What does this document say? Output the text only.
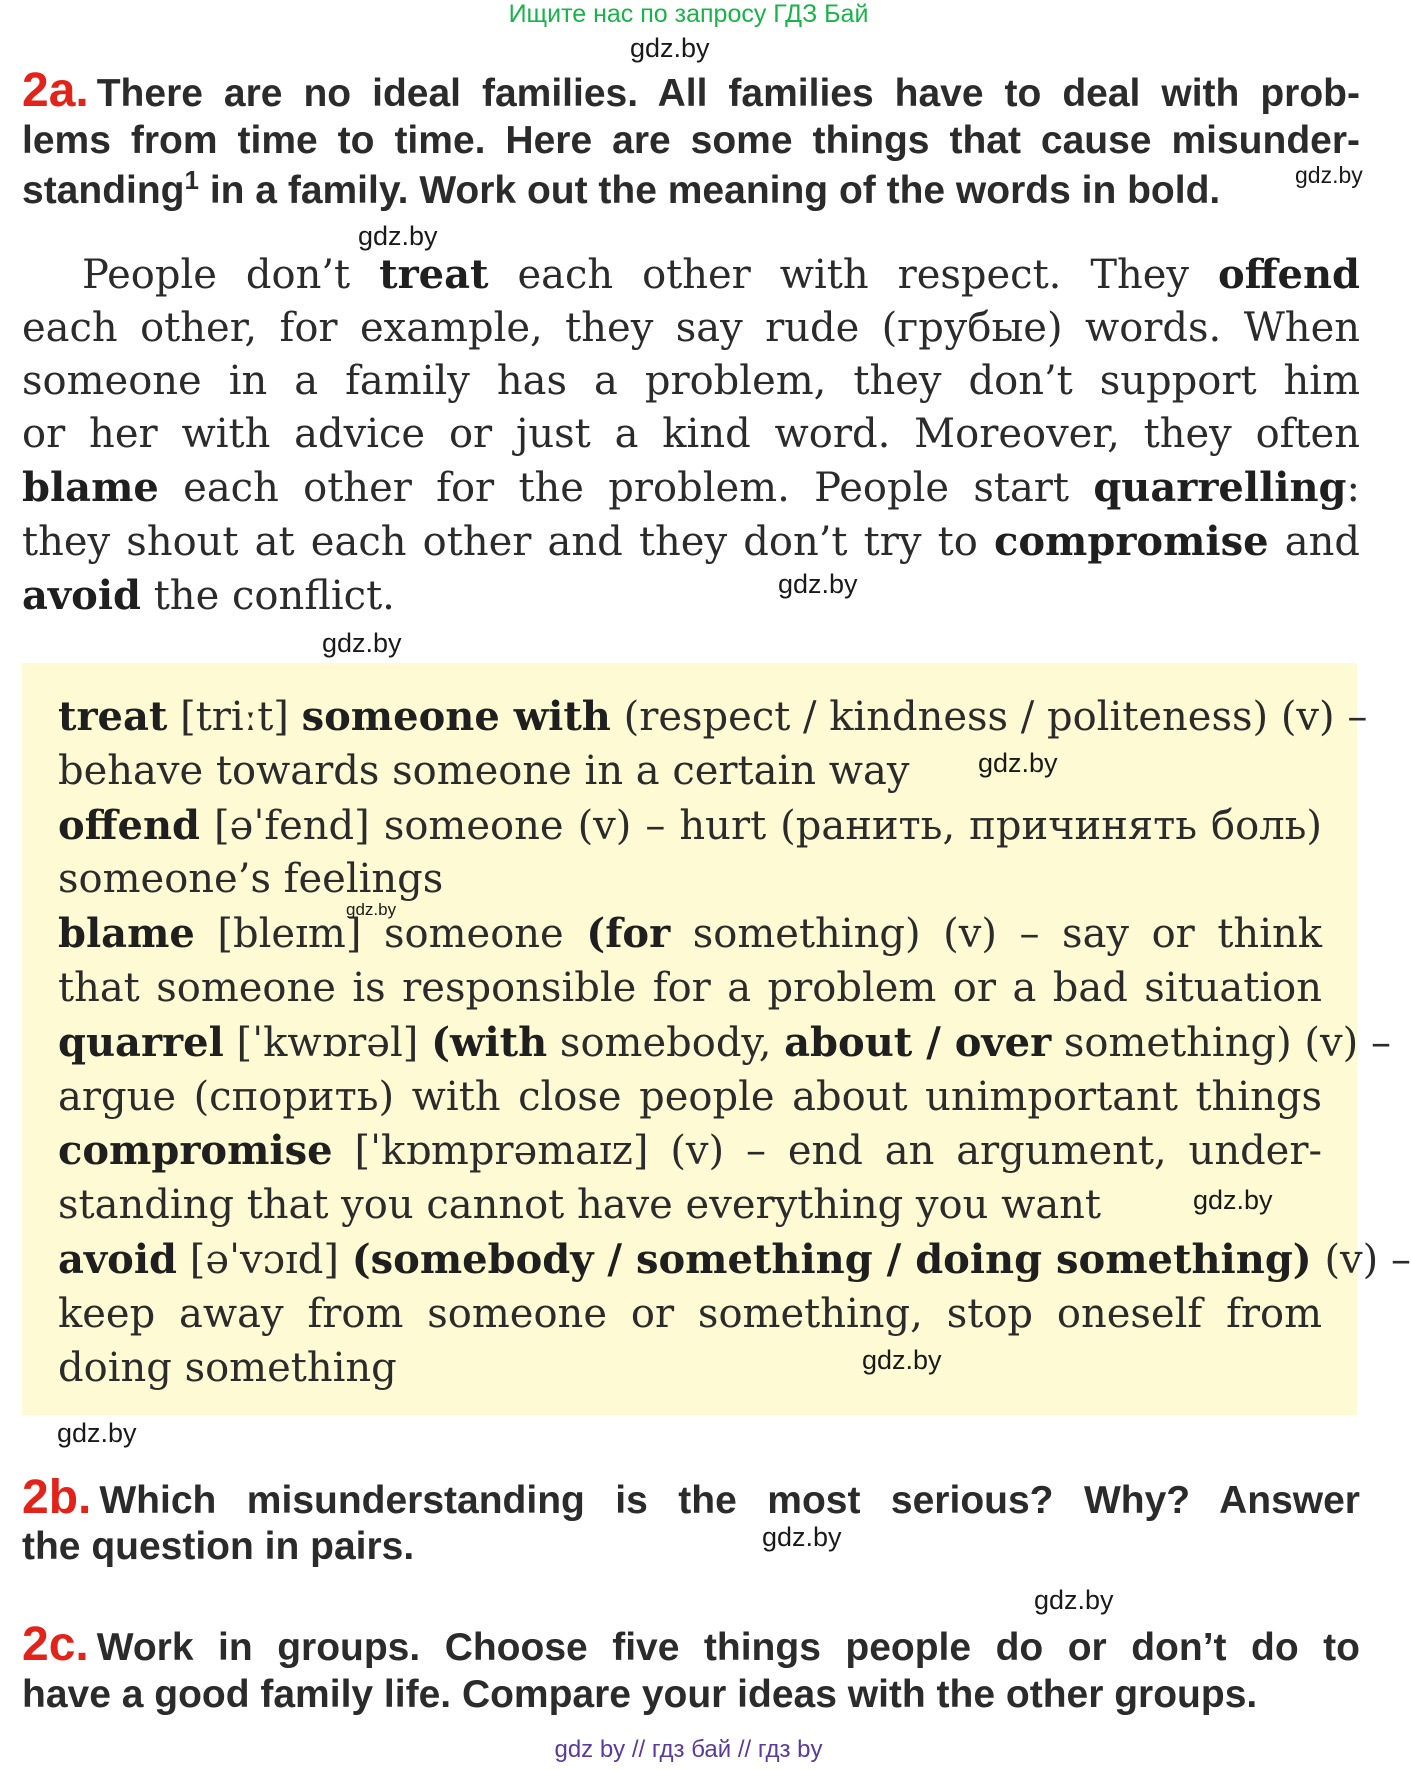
Ищите нас по запросу ГДЗ Бай
2a. There are no ideal families. All families have to deal with prob-
lems from time to time. Here are some things that cause misunder-
standing$^1$ in a family. Work out the meaning of the words in bold.
People don’t treat each other with respect. They offend
each other, for example, they say rude (грубые) words. When
someone in a family has a problem, they don’t support him
or her with advice or just a kind word. Moreover, they often
blame each other for the problem. People start quarrelling:
they shout at each other and they don’t try to compromise and
avoid the conflict.
treat [triːt] someone with (respect / kindness / politeness) (v) –
behave towards someone in a certain way
offend [əˈfend] someone (v) – hurt (ранить, причинять боль)
someone’s feelings
blame [bleɪm] someone (for something) (v) – say or think
that someone is responsible for a problem or a bad situation
quarrel [ˈkwɒrəl] (with somebody, about / over something) (v) –
argue (спорить) with close people about unimportant things
compromise [ˈkɒmprəmaɪz] (v) – end an argument, under-
standing that you cannot have everything you want
avoid [əˈvɔɪd] (somebody / something / doing something) (v) –
keep away from someone or something, stop oneself from
doing something
2b. Which misunderstanding is the most serious? Why? Answer
the question in pairs.
2c. Work in groups. Choose five things people do or don’t do to
have a good family life. Compare your ideas with the other groups.
gdz.by
gdz.by
gdz.by
gdz.by
gdz.by
gdz.by
gdz.by
gdz.by
gdz.by
gdz.by
gdz.by
gdz.by
gdz by // гдз бай // гдз by
